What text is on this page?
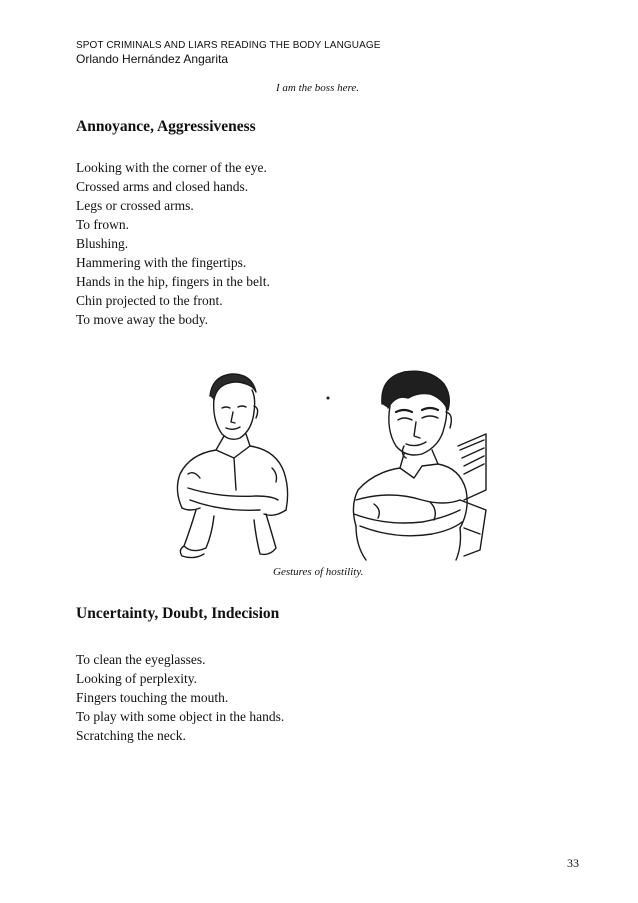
SPOT CRIMINALS AND LIARS READING THE BODY LANGUAGE
Orlando Hernández Angarita
I am the boss here.
Annoyance, Aggressiveness
Looking with the corner of the eye.
Crossed arms and closed hands.
Legs or crossed arms.
To frown.
Blushing.
Hammering with the fingertips.
Hands in the hip, fingers in the belt.
Chin projected to the front.
To move away the body.
Gestures of hostility.
Uncertainty, Doubt, Indecision
To clean the eyeglasses.
Looking of perplexity.
Fingers touching the mouth.
To play with some object in the hands.
Scratching the neck.
33
